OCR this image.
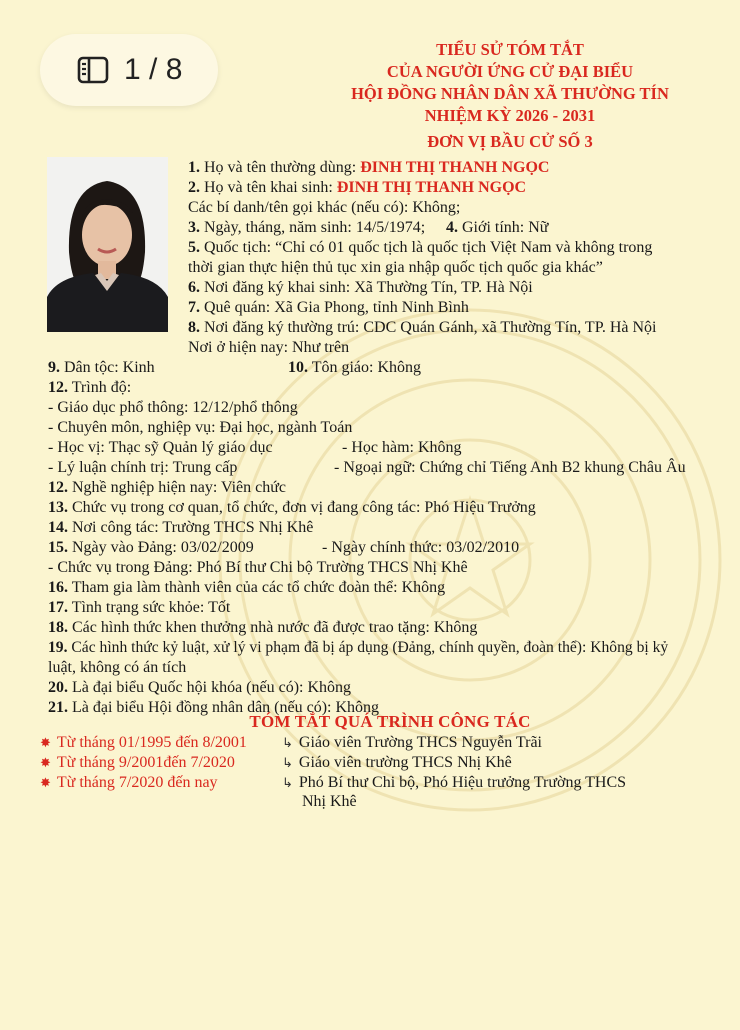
1 / 8
TIỂU SỬ TÓM TẮT
CỦA NGƯỜI ỨNG CỬ ĐẠI BIỂU
HỘI ĐỒNG NHÂN DÂN XÃ THƯỜNG TÍN
NHIỆM KỲ 2026 - 2031
ĐƠN VỊ BẦU CỬ SỐ 3
1. Họ và tên thường dùng: ĐINH THỊ THANH NGỌC
2. Họ và tên khai sinh: ĐINH THỊ THANH NGỌC
Các bí danh/tên gọi khác (nếu có): Không;
3. Ngày, tháng, năm sinh: 14/5/1974; 4. Giới tính: Nữ
5. Quốc tịch: “Chỉ có 01 quốc tịch là quốc tịch Việt Nam và không trong
thời gian thực hiện thủ tục xin gia nhập quốc tịch quốc gia khác”
6. Nơi đăng ký khai sinh: Xã Thường Tín, TP. Hà Nội
7. Quê quán: Xã Gia Phong, tỉnh Ninh Bình
8. Nơi đăng ký thường trú: CDC Quán Gánh, xã Thường Tín, TP. Hà Nội
Nơi ở hiện nay: Như trên
9. Dân tộc: Kinh	10. Tôn giáo: Không
12. Trình độ:
- Giáo dục phổ thông: 12/12/phổ thông
- Chuyên môn, nghiệp vụ: Đại học, ngành Toán
- Học vị: Thạc sỹ Quản lý giáo dục	- Học hàm: Không
- Lý luận chính trị: Trung cấp	- Ngoại ngữ: Chứng chỉ Tiếng Anh B2 khung Châu Âu
12. Nghề nghiệp hiện nay: Viên chức
13. Chức vụ trong cơ quan, tổ chức, đơn vị đang công tác: Phó Hiệu Trưởng
14. Nơi công tác: Trường THCS Nhị Khê
15. Ngày vào Đảng: 03/02/2009	- Ngày chính thức: 03/02/2010
- Chức vụ trong Đảng: Phó Bí thư Chi bộ Trường THCS Nhị Khê
16. Tham gia làm thành viên của các tổ chức đoàn thể: Không
17. Tình trạng sức khỏe: Tốt
18. Các hình thức khen thưởng nhà nước đã được trao tặng: Không
19. Các hình thức kỷ luật, xử lý vi phạm đã bị áp dụng (Đảng, chính quyền, đoàn thể): Không bị kỷ
luật, không có án tích
20. Là đại biểu Quốc hội khóa (nếu có): Không
21. Là đại biểu Hội đồng nhân dân (nếu có): Không
TÓM TẮT QUÁ TRÌNH CÔNG TÁC
✸ Từ tháng 01/1995 đến 8/2001	↳ Giáo viên Trường THCS Nguyễn Trãi
✸ Từ tháng 9/2001đến 7/2020	↳ Giáo viên trường THCS Nhị Khê
✸ Từ tháng 7/2020 đến nay	↳ Phó Bí thư Chi bộ, Phó Hiệu trưởng Trường THCS
Nhị Khê
